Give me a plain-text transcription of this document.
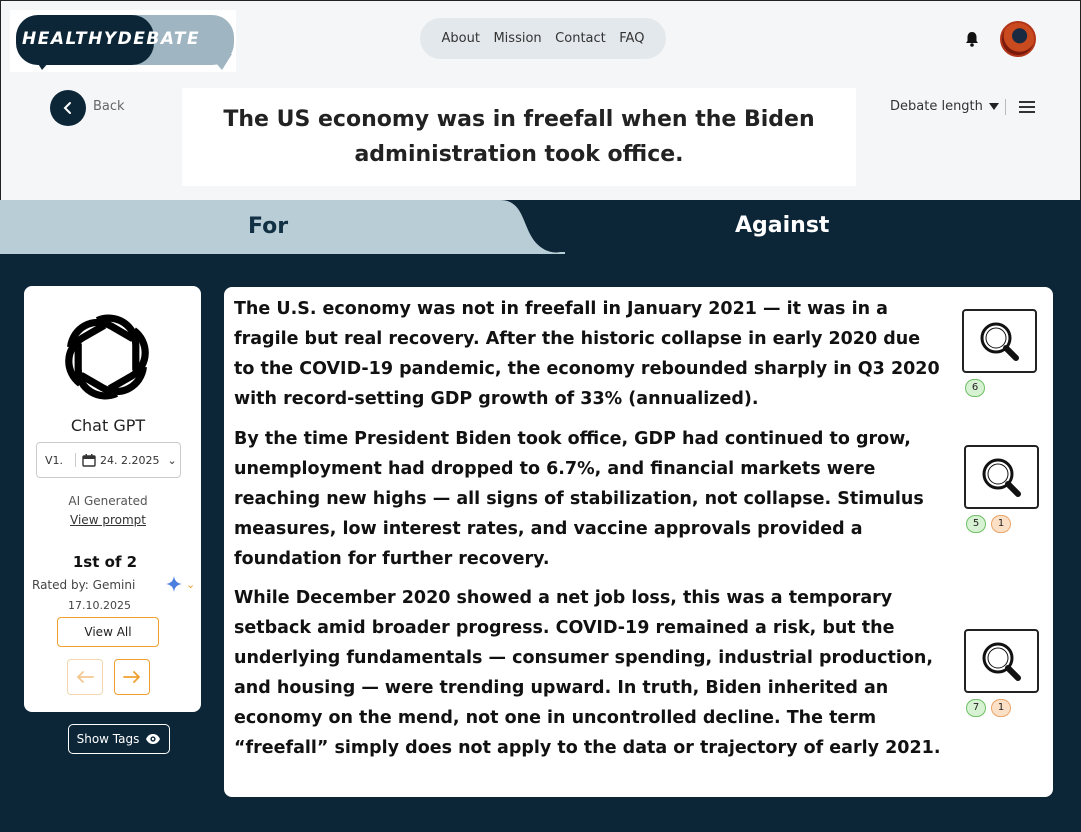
HEALTHYDEBATE	About Mission Contact FAQ
Back
The US economy was in freefall when the Biden administration took office.
Debate length
For	Against
Chat GPT
V1.	24. 2.2025 ⌄
AI Generated
View prompt
1st of 2
Rated by: Gemini	⌄
17.10.2025
View All
Show Tags

The U.S. economy was not in freefall in January 2021 — it was in a fragile but real recovery. After the historic collapse in early 2020 due to the COVID-19 pandemic, the economy rebounded sharply in Q3 2020 with record-setting GDP growth of 33% (annualized).

By the time President Biden took office, GDP had continued to grow, unemployment had dropped to 6.7%, and financial markets were reaching new highs — all signs of stabilization, not collapse. Stimulus measures, low interest rates, and vaccine approvals provided a foundation for further recovery.

While December 2020 showed a net job loss, this was a temporary setback amid broader progress. COVID-19 remained a risk, but the underlying fundamentals — consumer spending, industrial production, and housing — were trending upward. In truth, Biden inherited an economy on the mend, not one in uncontrolled decline. The term “freefall” simply does not apply to the data or trajectory of early 2021.

6
5	1
7	1
